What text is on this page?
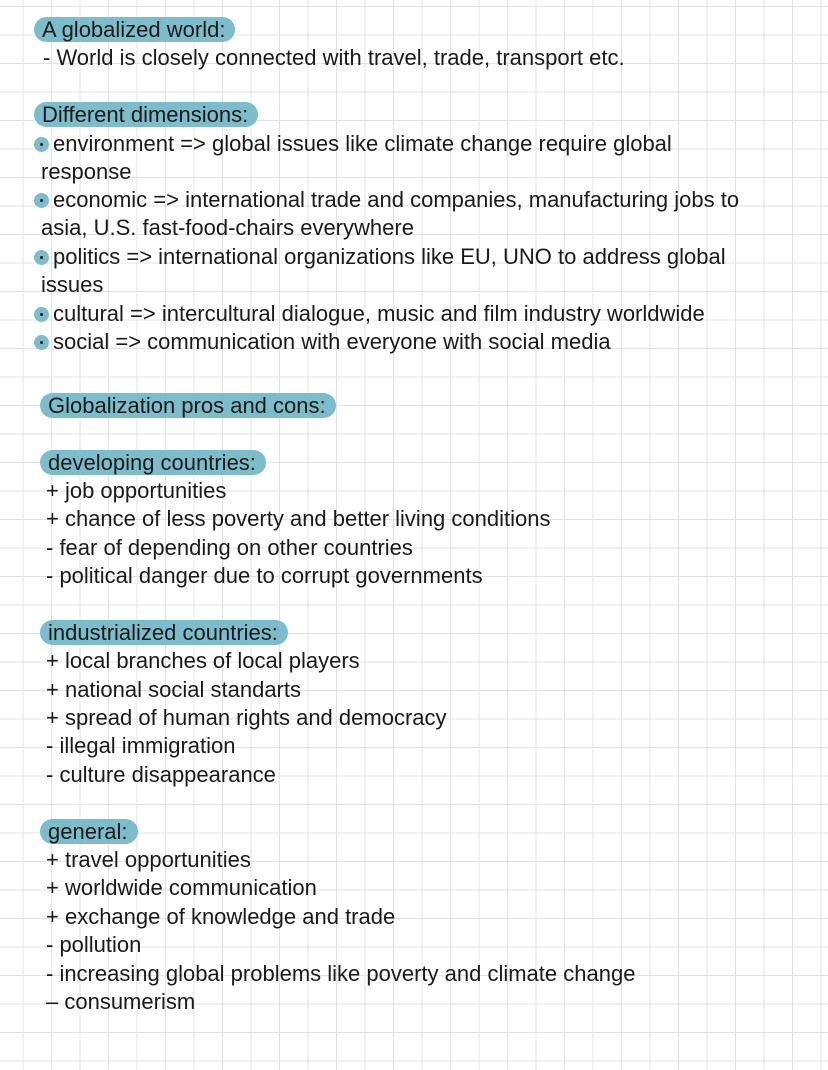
A globalized world:
- World is closely connected with travel, trade, transport etc.
Different dimensions:
environment => global issues like climate change require global
response
economic => international trade and companies, manufacturing jobs to
asia, U.S. fast-food-chairs everywhere
politics => international organizations like EU, UNO to address global
issues
cultural => intercultural dialogue, music and film industry worldwide
social => communication with everyone with social media
Globalization pros and cons:
developing countries:
+ job opportunities
+ chance of less poverty and better living conditions
- fear of depending on other countries
- political danger due to corrupt governments
industrialized countries:
+ local branches of local players
+ national social standarts
+ spread of human rights and democracy
- illegal immigration
- culture disappearance
general:
+ travel opportunities
+ worldwide communication
+ exchange of knowledge and trade
- pollution
- increasing global problems like poverty and climate change
– consumerism
